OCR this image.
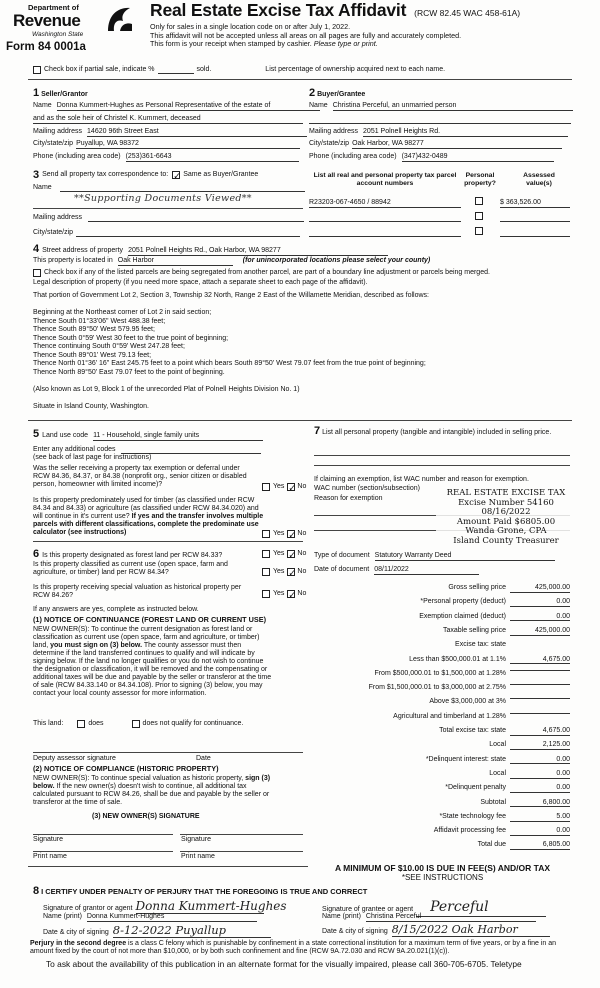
Department of
Revenue
Washington State
Form 84 0001a
Real Estate Excise Tax Affidavit (RCW 82.45 WAC 458-61A)
Only for sales in a single location code on or after July 1, 2022.
This affidavit will not be accepted unless all areas on all pages are fully and accurately completed.
This form is your receipt when stamped by cashier. Please type or print.
Check box if partial sale, indicate %	sold.	List percentage of ownership acquired next to each name.
1 Seller/Grantor
Name Donna Kummert-Hughes as Personal Representative of the estate of
and as the sole heir of Christel K. Kummert, deceased
Mailing address 14620 96th Street East
City/state/zip Puyallup, WA 98372
Phone (including area code) (253)361-6643
2 Buyer/Grantee
Name Christina Perceful, an unmarried person
Mailing address 2051 Polnell Heights Rd.
City/state/zip Oak Harbor, WA 98277
Phone (including area code) (347)432-0489
3 Send all property tax correspondence to: ✓ Same as Buyer/Grantee
Name
**Supporting Documents Viewed**
Mailing address
City/state/zip
List all real and personal property tax parcel account numbers
Personal property?
Assessed value(s)
R23203-067-4650 / 88942	$ 363,526.00
4 Street address of property 2051 Polnell Heights Rd., Oak Harbor, WA 98277
This property is located in Oak Harbor	(for unincorporated locations please select your county)
Check box if any of the listed parcels are being segregated from another parcel, are part of a boundary line adjustment or parcels being merged.
Legal description of property (if you need more space, attach a separate sheet to each page of the affidavit).
That portion of Government Lot 2, Section 3, Township 32 North, Range 2 East of the Willamette Meridian, described as follows:
Beginning at the Northeast corner of Lot 2 in said section;
Thence South 01°33'06" West 488.38 feet;
Thence South 89°50' West 579.95 feet;
Thence South 0°59' West 30 feet to the true point of beginning;
Thence continuing South 0°59' West 247.28 feet;
Thence South 89°01' West 79.13 feet;
Thence North 01°36' 16" East 245.75 feet to a point which bears South 89°50' West 79.07 feet from the true point of beginning;
Thence North 89°50' East 79.07 feet to the point of beginning.
(Also known as Lot 9, Block 1 of the unrecorded Plat of Polnell Heights Division No. 1)
Situate in Island County, Washington.
5 Land use code 11 - Household, single family units
Enter any additional codes
(see back of last page for instructions)
Was the seller receiving a property tax exemption or deferral under RCW 84.36, 84.37, or 84.38 (nonprofit org., senior citizen or disabled person, homeowner with limited income)?	Yes ✓ No
Is this property predominately used for timber (as classified under RCW 84.34 and 84.33) or agriculture (as classified under RCW 84.34.020) and will continue in it's current use? If yes and the transfer involves multiple parcels with different classifications, complete the predominate use calculator (see instructions)	Yes ✓ No
6 Is this property designated as forest land per RCW 84.33?	Yes ✓ No
Is this property classified as current use (open space, farm and agriculture, or timber) land per RCW 84.34?	Yes ✓ No
Is this property receiving special valuation as historical property per RCW 84.26?	Yes ✓ No
If any answers are yes, complete as instructed below.
(1) NOTICE OF CONTINUANCE (FOREST LAND OR CURRENT USE)
NEW OWNER(S): To continue the current designation as forest land or classification as current use (open space, farm and agriculture, or timber) land, you must sign on (3) below. The county assessor must then determine if the land transferred continues to qualify and will indicate by signing below. If the land no longer qualifies or you do not wish to continue the designation or classification, it will be removed and the compensating or additional taxes will be due and payable by the seller or transferor at the time of sale (RCW 84.33.140 or 84.34.108). Prior to signing (3) below, you may contact your local county assessor for more information.
This land:	does	does not qualify for continuance.
Deputy assessor signature	Date
(2) NOTICE OF COMPLIANCE (HISTORIC PROPERTY)
NEW OWNER(S): To continue special valuation as historic property, sign (3) below. If the new owner(s) doesn't wish to continue, all additional tax calculated pursuant to RCW 84.26, shall be due and payable by the seller or transferor at the time of sale.
(3) NEW OWNER(S) SIGNATURE
Signature	Signature
Print name	Print name
7 List all personal property (tangible and intangible) included in selling price.
If claiming an exemption, list WAC number and reason for exemption.
WAC number (section/subsection)
Reason for exemption
REAL ESTATE EXCISE TAX
Excise Number 54160
08/16/2022
Amount Paid $6805.00
Wanda Grone, CPA
Island County Treasurer
Type of document Statutory Warranty Deed
Date of document 08/11/2022
Gross selling price	425,000.00
*Personal property (deduct)	0.00
Exemption claimed (deduct)	0.00
Taxable selling price	425,000.00
Excise tax: state
Less than $500,000.01 at 1.1%	4,675.00
From $500,000.01 to $1,500,000 at 1.28%
From $1,500,000.01 to $3,000,000 at 2.75%
Above $3,000,000 at 3%
Agricultural and timberland at 1.28%
Total excise tax: state	4,675.00
Local	2,125.00
*Delinquent interest: state	0.00
Local	0.00
*Delinquent penalty	0.00
Subtotal	6,800.00
*State technology fee	5.00
Affidavit processing fee	0.00
Total due	6,805.00
A MINIMUM OF $10.00 IS DUE IN FEE(S) AND/OR TAX
*SEE INSTRUCTIONS
8 I CERTIFY UNDER PENALTY OF PERJURY THAT THE FOREGOING IS TRUE AND CORRECT
Signature of grantor or agent Donna Kummert-Hughes
Name (print) Donna Kummert-Hughes
Date & city of signing 8-12-2022 Puyallup
Signature of grantee or agent	Perceful
Name (print) Christina Perceful
Date & city of signing 8/15/2022 Oak Harbor
Perjury in the second degree is a class C felony which is punishable by confinement in a state correctional institution for a maximum term of five years, or by a fine in an amount fixed by the court of not more than $10,000, or by both such confinement and fine (RCW 9A.72.030 and RCW 9A.20.021(1)(c)).
To ask about the availability of this publication in an alternate format for the visually impaired, please call 360-705-6705. Teletype
